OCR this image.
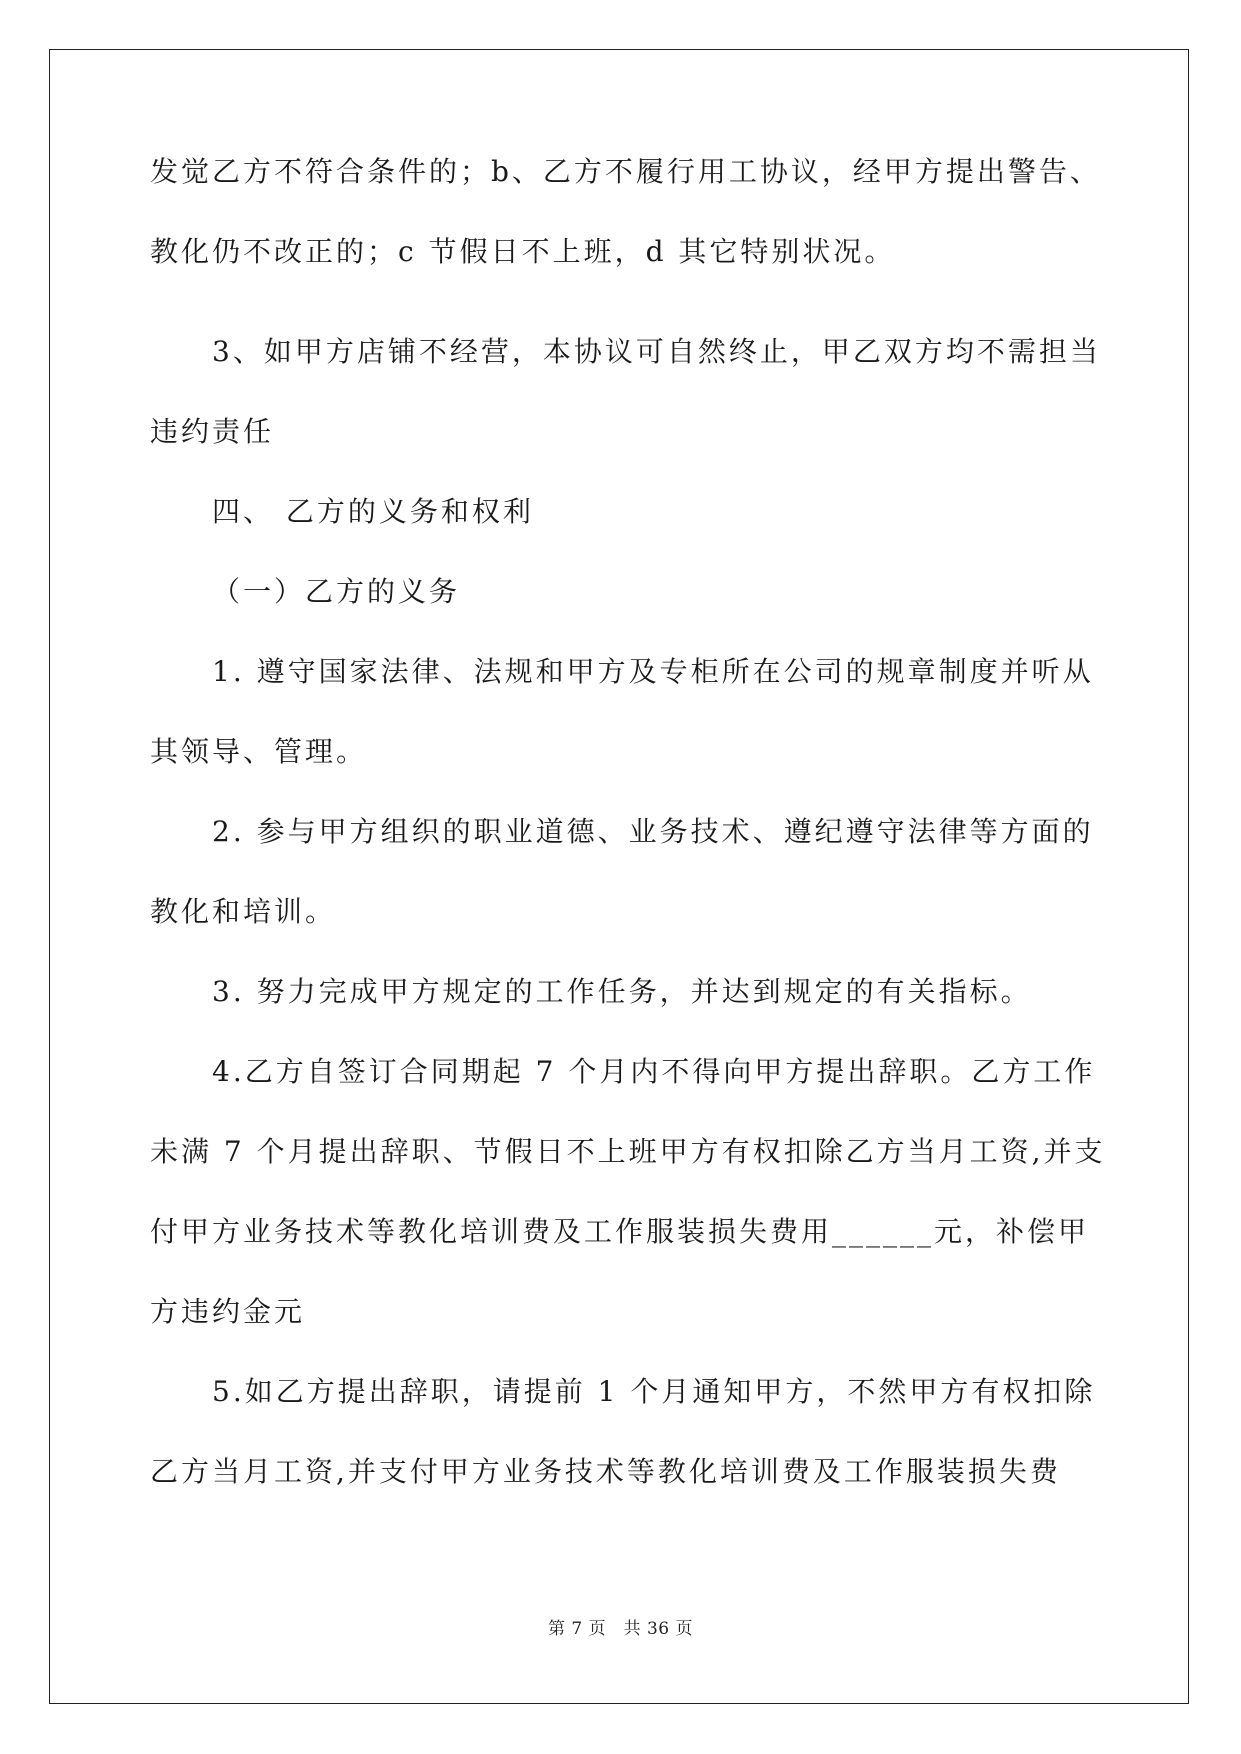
发觉乙方不符合条件的；b、乙方不履行用工协议，经甲方提出警告、
教化仍不改正的；c 节假日不上班，d 其它特别状况。
3、如甲方店铺不经营，本协议可自然终止，甲乙双方均不需担当
违约责任
四、 乙方的义务和权利
（一）乙方的义务
1. 遵守国家法律、法规和甲方及专柜所在公司的规章制度并听从
其领导、管理。
2. 参与甲方组织的职业道德、业务技术、遵纪遵守法律等方面的
教化和培训。
3. 努力完成甲方规定的工作任务，并达到规定的有关指标。
4.乙方自签订合同期起 7 个月内不得向甲方提出辞职。乙方工作
未满 7 个月提出辞职、节假日不上班甲方有权扣除乙方当月工资,并支
付甲方业务技术等教化培训费及工作服装损失费用______元，补偿甲
方违约金元
5.如乙方提出辞职，请提前 1 个月通知甲方，不然甲方有权扣除
乙方当月工资,并支付甲方业务技术等教化培训费及工作服装损失费
第 7 页　共 36 页
